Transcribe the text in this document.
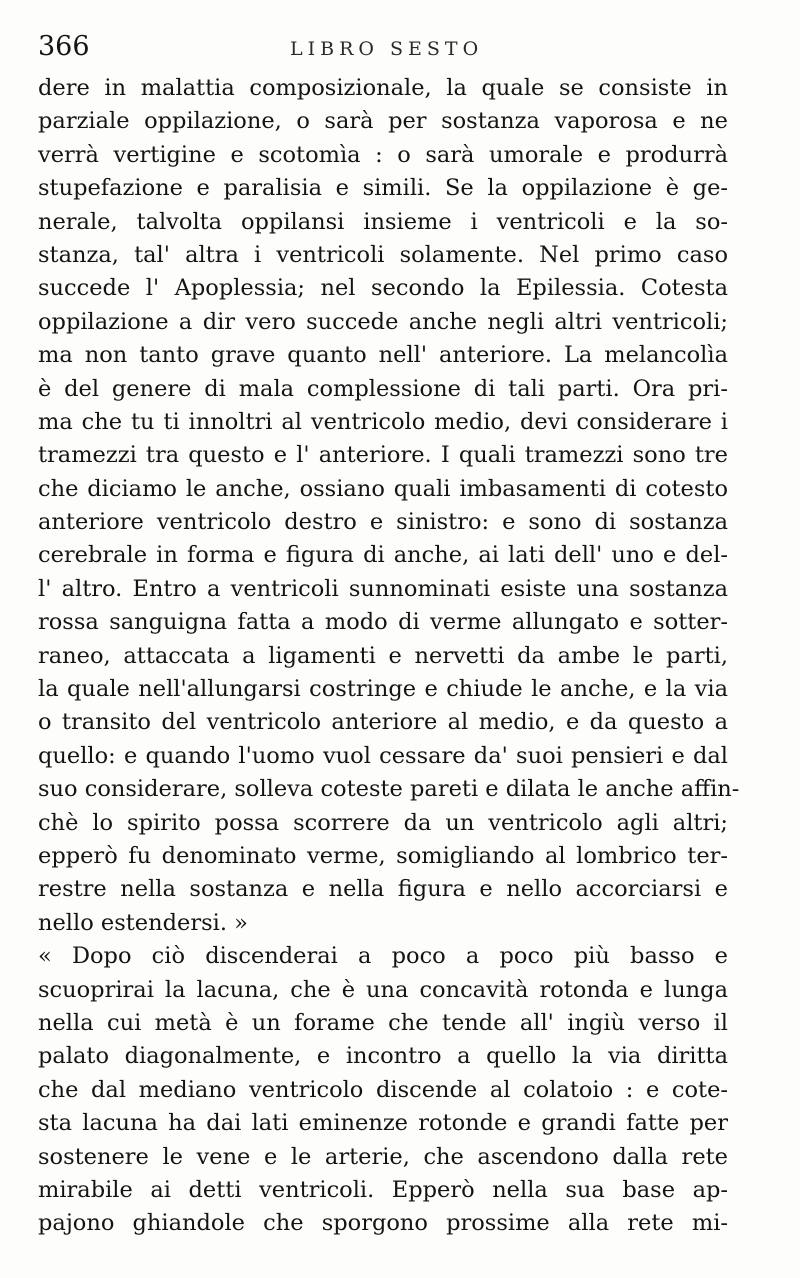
366	LIBRO SESTO
dere in malattia composizionale, la quale se consiste in
parziale oppilazione, o sarà per sostanza vaporosa e ne
verrà vertigine e scotomìa : o sarà umorale e produrrà
stupefazione e paralisia e simili. Se la oppilazione è ge-
nerale, talvolta oppilansi insieme i ventricoli e la so-
stanza, tal' altra i ventricoli solamente. Nel primo caso
succede l' Apoplessia; nel secondo la Epilessia. Cotesta
oppilazione a dir vero succede anche negli altri ventricoli;
ma non tanto grave quanto nell' anteriore. La melancolìa
è del genere di mala complessione di tali parti. Ora pri-
ma che tu ti innoltri al ventricolo medio, devi considerare i
tramezzi tra questo e l' anteriore. I quali tramezzi sono tre
che diciamo le anche, ossiano quali imbasamenti di cotesto
anteriore ventricolo destro e sinistro: e sono di sostanza
cerebrale in forma e figura di anche, ai lati dell' uno e del-
l' altro. Entro a ventricoli sunnominati esiste una sostanza
rossa sanguigna fatta a modo di verme allungato e sotter-
raneo, attaccata a ligamenti e nervetti da ambe le parti,
la quale nell'allungarsi costringe e chiude le anche, e la via
o transito del ventricolo anteriore al medio, e da questo a
quello: e quando l'uomo vuol cessare da' suoi pensieri e dal
suo considerare, solleva coteste pareti e dilata le anche affin-
chè lo spirito possa scorrere da un ventricolo agli altri;
epperò fu denominato verme, somigliando al lombrico ter-
restre nella sostanza e nella figura e nello accorciarsi e
nello estendersi. »
« Dopo ciò discenderai a poco a poco più basso e
scuoprirai la lacuna, che è una concavità rotonda e lunga
nella cui metà è un forame che tende all' ingiù verso il
palato diagonalmente, e incontro a quello la via diritta
che dal mediano ventricolo discende al colatoio : e cote-
sta lacuna ha dai lati eminenze rotonde e grandi fatte per
sostenere le vene e le arterie, che ascendono dalla rete
mirabile ai detti ventricoli. Epperò nella sua base ap-
pajono ghiandole che sporgono prossime alla rete mi-
